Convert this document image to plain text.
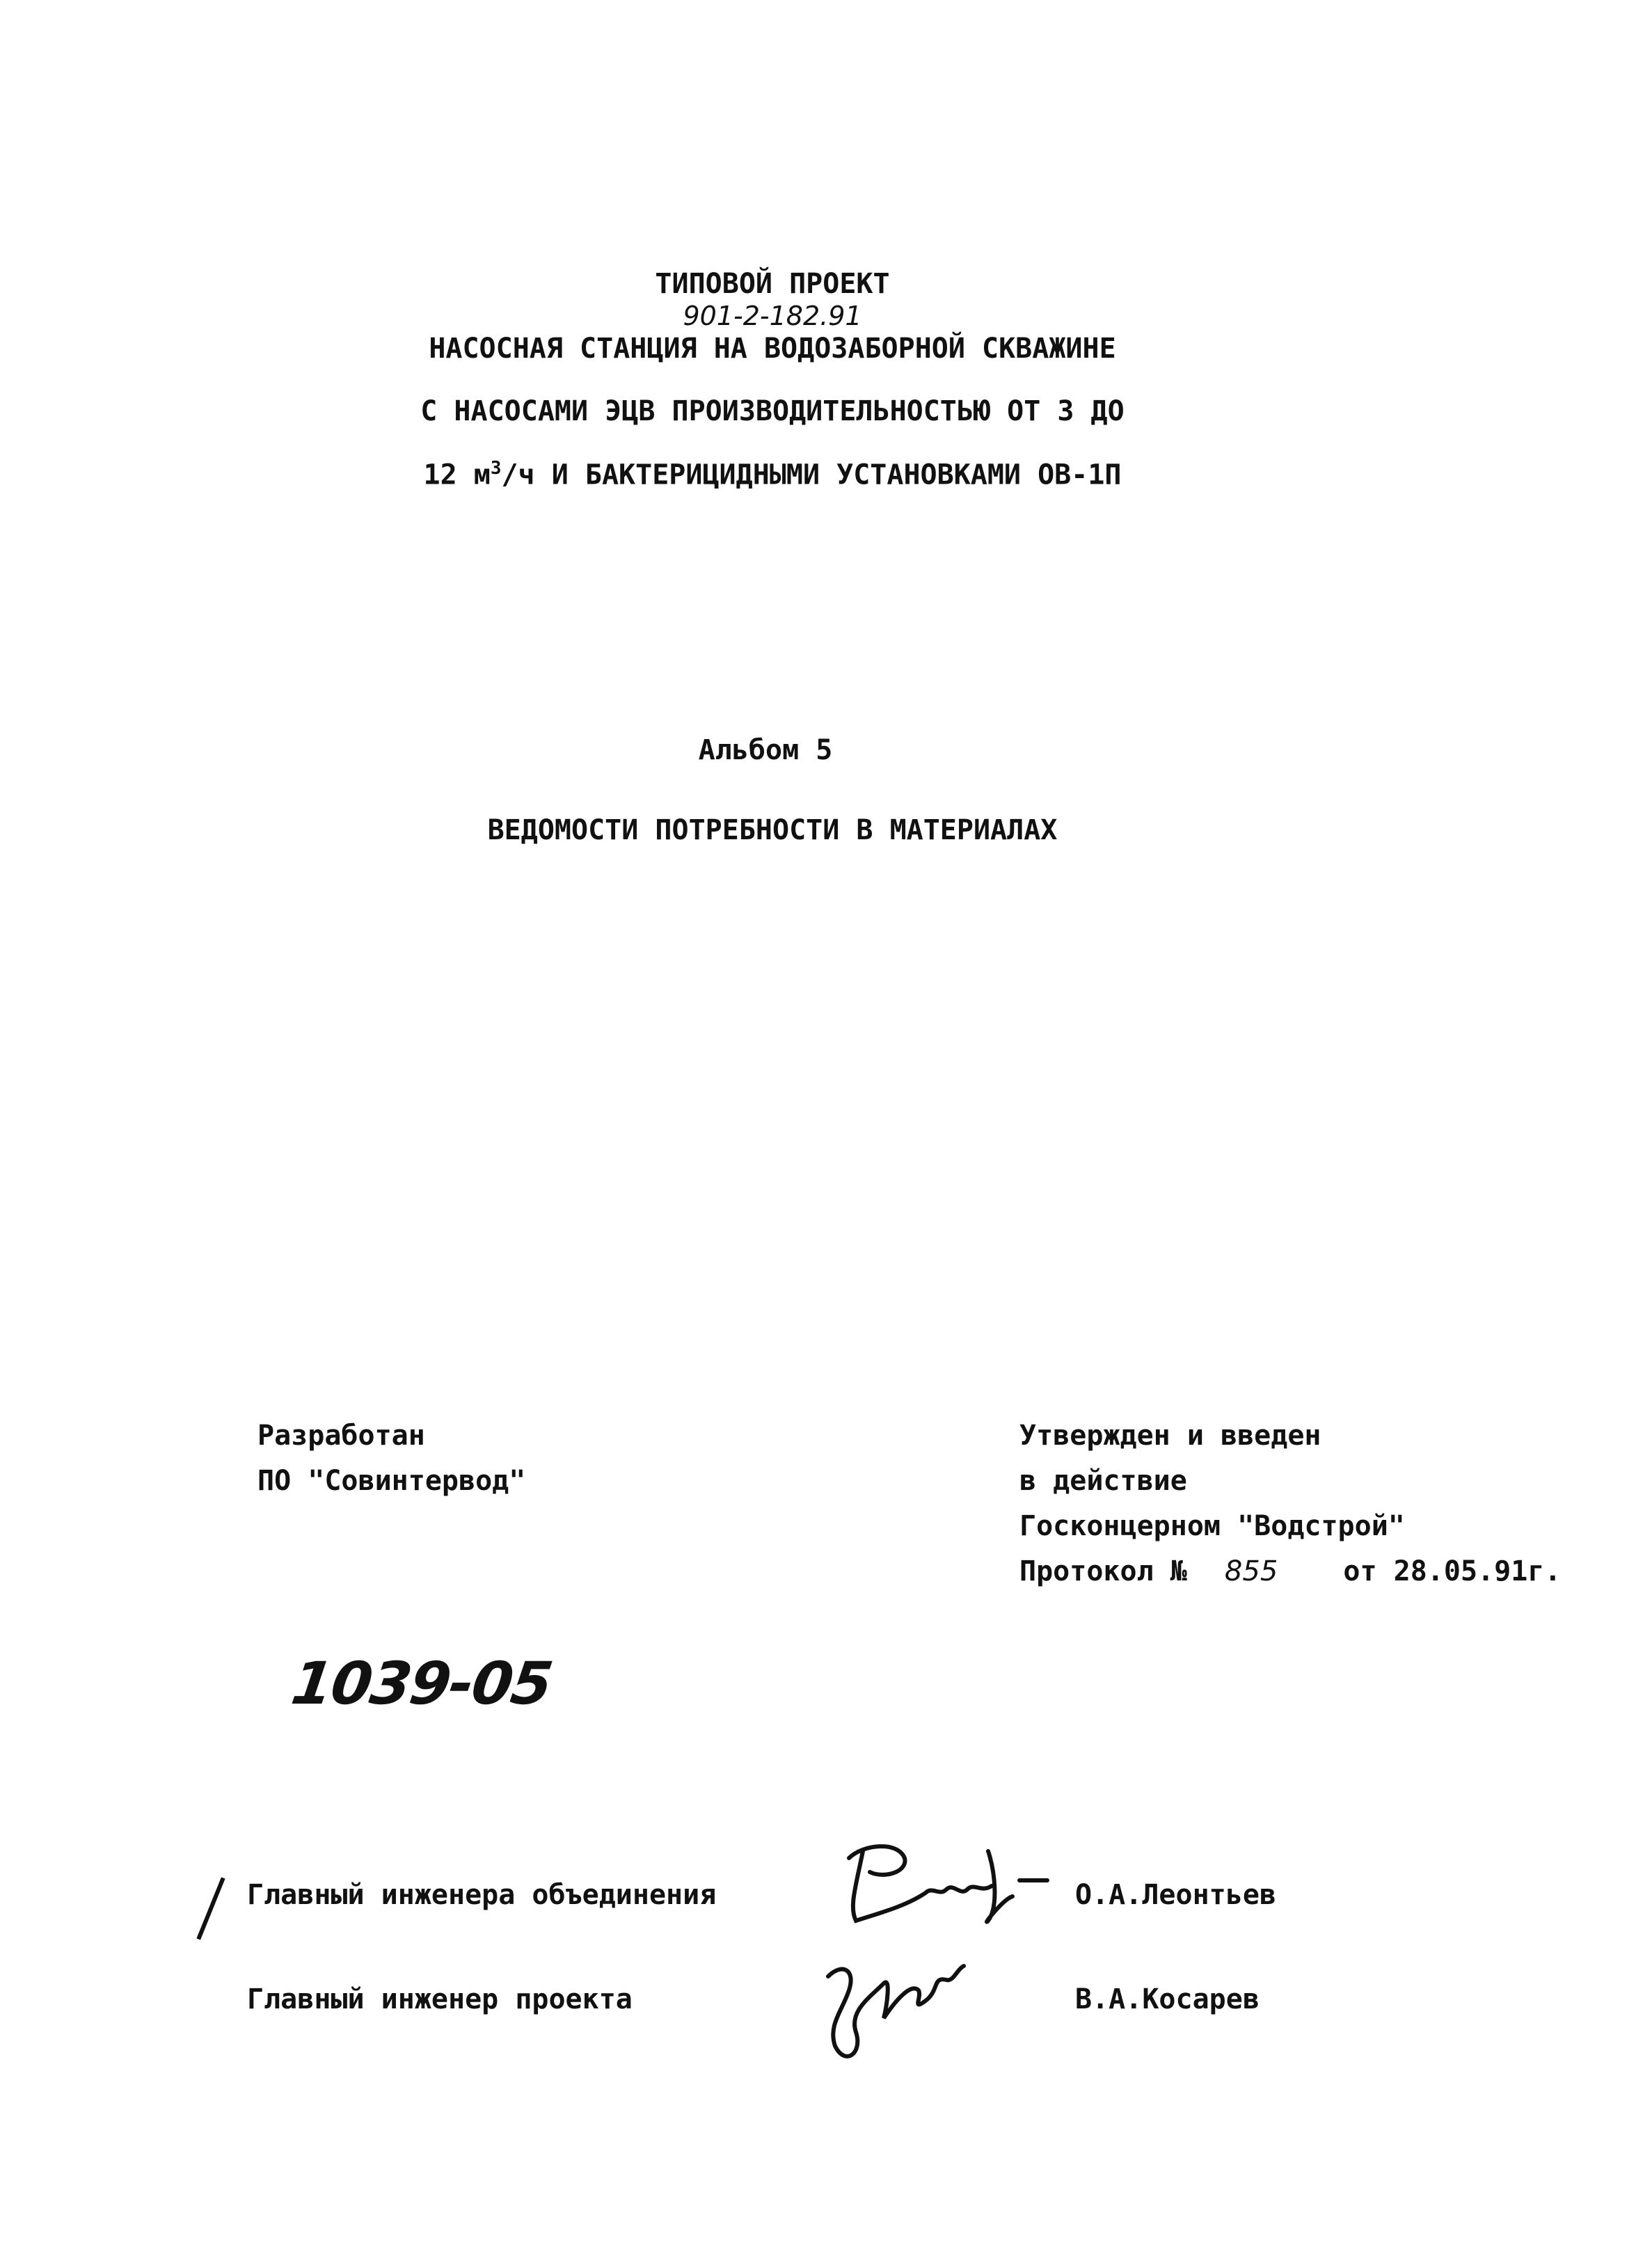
ТИПОВОЙ ПРОЕКТ
901-2-182.91
НАСОСНАЯ СТАНЦИЯ НА ВОДОЗАБОРНОЙ СКВАЖИНЕ
С НАСОСАМИ ЭЦВ ПРОИЗВОДИТЕЛЬНОСТЬЮ ОТ 3 ДО
12 $м^3/ч$ И БАКТЕРИЦИДНЫМИ УСТАНОВКАМИ ОВ-1П
Альбом 5
ВЕДОМОСТИ ПОТРЕБНОСТИ В МАТЕРИАЛАХ
Разработан
ПО "Совинтервод"
Утвержден и введен
в действие
Госконцерном "Водстрой"
Протокол № 855 от 28.05.91г.
1039-05
Главный инженера объединения	О.А.Леонтьев
Главный инженер проекта	В.А.Косарев
